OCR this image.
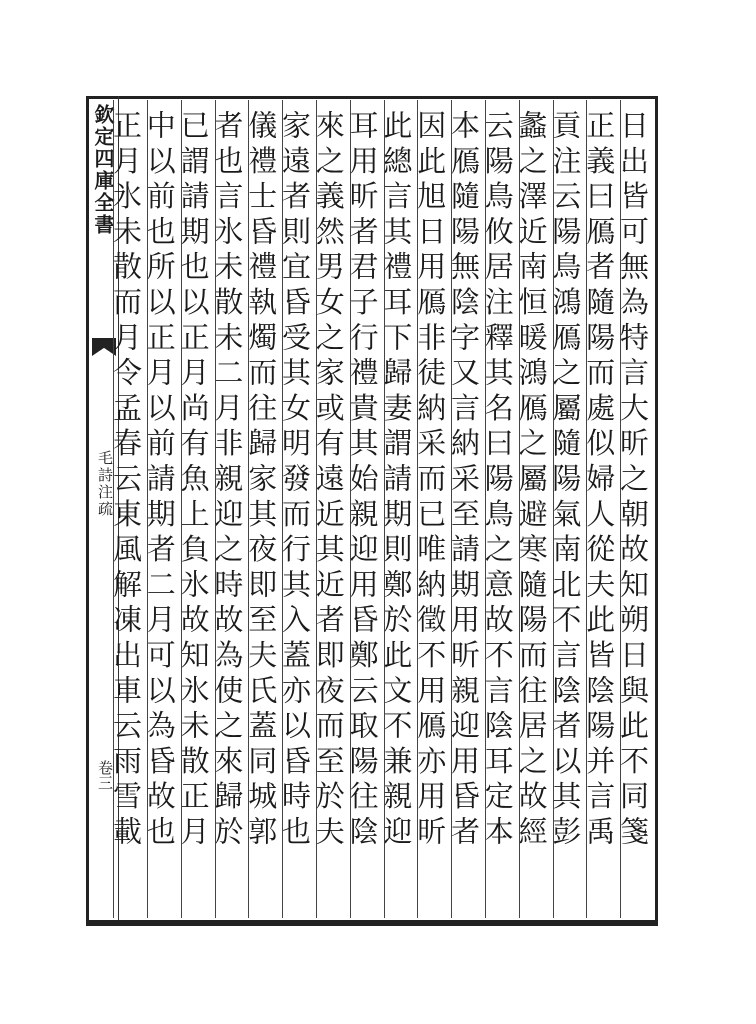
欽定四庫全書
毛詩注疏
卷三	日出皆可無為特言大昕之朝故知朔日與此不同箋
正義曰鴈者隨陽而處似婦人從夫此皆陰陽并言禹
貢注云陽鳥鴻鴈之屬隨陽氣南北不言陰者以其彭
蠡之澤近南恒暖鴻鴈之屬避寒隨陽而往居之故經
云陽鳥攸居注釋其名曰陽鳥之意故不言陰耳定本
本鴈隨陽無陰字又言納采至請期用昕親迎用昏者
因此旭日用鴈非徒納采而已唯納徵不用鴈亦用昕
此總言其禮耳下歸妻謂請期則鄭於此文不兼親迎
耳用昕者君子行禮貴其始親迎用昏鄭云取陽往陰
來之義然男女之家或有遠近其近者即夜而至於夫
家遠者則宜昏受其女明發而行其入蓋亦以昏時也
儀禮士昏禮執燭而往歸家其夜即至夫氏蓋同城郭
者也言氷未散未二月非親迎之時故為使之來歸於
已謂請期也以正月尚有魚上負氷故知氷未散正月
中以前也所以正月以前請期者二月可以為昏故也
正月氷未散而月令孟春云東風解凍出車云雨雪載
